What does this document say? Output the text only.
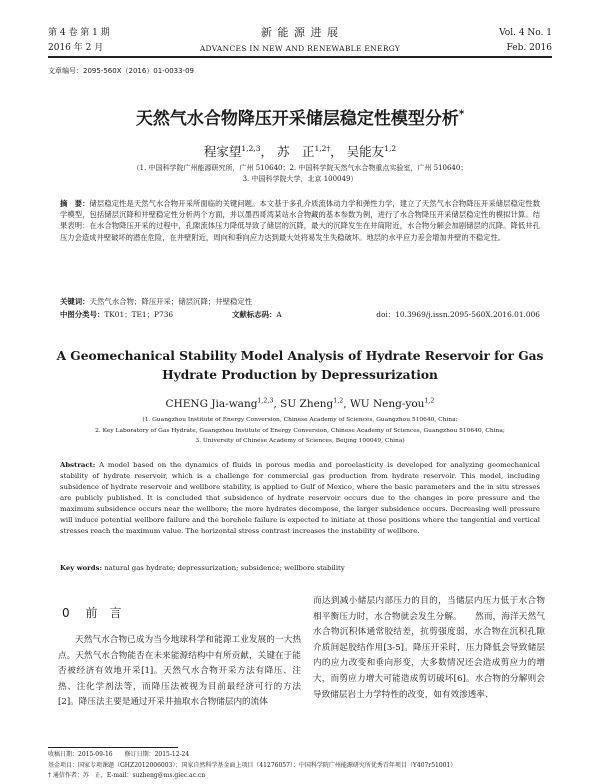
第 4 卷 第 1 期
2016 年 2 月
新 能 源 进 展
ADVANCES IN NEW AND RENEWABLE ENERGY
Vol. 4 No. 1
Feb. 2016
文章编号：2095-560X（2016）01-0033-09
天然气水合物降压开采储层稳定性模型分析*
程家望$^{1,2,3}$， 苏　正$^{1,2\dagger}$， 吴能友$^{1,2}$
（1. 中国科学院广州能源研究所，广州 510640；2. 中国科学院天然气水合物重点实验室，广州 510640；
3. 中国科学院大学，北京 100049）
摘　要：储层稳定性是天然气水合物开采所面临的关键问题。本文基于多孔介质流体动力学和弹性力学，建立了天然气水合物降压开采储层稳定性数学模型，包括储层沉降和井壁稳定性分析两个方面，并以墨西哥湾某站水合物藏的基本参数为例，进行了水合物降压开采储层稳定性的模拟计算。结果表明：在水合物降压开采的过程中，孔隙流体压力降低导致了储层的沉降，最大的沉降发生在井筒附近，水合物分解会加剧储层的沉降。降低井孔压力会造成井壁破坏的潜在危险，在井壁附近，周向和垂向应力达到最大处将易发生失稳破坏。地层的水平应力差会增加井壁的不稳定性。
关键词：天然气水合物；降压开采；储层沉降；井壁稳定性
中图分类号：TK01；TE1；P736	文献标志码：A	doi：10.3969/j.issn.2095-560X.2016.01.006
A Geomechanical Stability Model Analysis of Hydrate Reservoir for Gas
Hydrate Production by Depressurization
CHENG Jia-wang$^{1,2,3}$, SU Zheng$^{1,2}$, WU Neng-you$^{1,2}$
(1. Guangzhou Institute of Energy Conversion, Chinese Academy of Sciences, Guangzhou 510640, China;
2. Key Laboratory of Gas Hydrate, Guangzhou Institute of Energy Conversion, Chinese Academy of Sciences, Guangzhou 510640, China;
3. University of Chinese Academy of Sciences, Beijing 100049, China)
Abstract: A model based on the dynamics of fluids in porous media and poroelasticity is developed for analyzing geomechanical stability of hydrate reservoir, which is a challenge for commercial gas production from hydrate reservoir. This model, including subsidence of hydrate reservoir and wellbore stability, is applied to Gulf of Mexico, where the basic parameters and the in situ stresses are publicly published. It is concluded that subsidence of hydrate reservoir occurs due to the changes in pore pressure and the maximum subsidence occurs near the wellbore; the more hydrates decompose, the larger subsidence occurs. Decreasing well pressure will induce potential wellbore failure and the borehole failure is expected to initiate at those positions where the tangential and vertical stresses reach the maximum value. The horizontal stress contrast increases the instability of wellbore.
Key words: natural gas hydrate; depressurization; subsidence; wellbore stability
0 前　言
天然气水合物已成为当今地球科学和能源工业发展的一大热点。天然气水合物能否在未来能源结构中有所贡献，关键在于能否被经济有效地开采[1]。天然气水合物开采方法有降压、注热、注化学剂法等，而降压法被视为目前最经济可行的方法[2]。降压法主要是通过开采井抽取水合物储层内的流体
而达到减小储层内部压力的目的，当储层内压力低于水合物相平衡压力时，水合物就会发生分解。　　然而，海洋天然气水合物沉积体通常胶结差，抗剪强度弱，水合物在沉积孔隙介质间起胶结作用[3-5]。降压开采时，压力降低会导致储层内的应力改变和垂向形变，大多数情况还会造成剪应力的增大，而剪应力增大可能造成剪切破坏[6]。水合物的分解则会导致储层岩土力学特性的改变，如有效渗透率、
收稿日期：2015-09-16　　修订日期：2015-12-24
基金项目：国家专项课题（GHZ2012006003）；国家自然科学基金面上项目（41276057）；中国科学院广州能源研究所优秀青年项目（Y407r51001）
† 通信作者：苏　正，E-mail：suzheng@ms.giec.ac.cn
